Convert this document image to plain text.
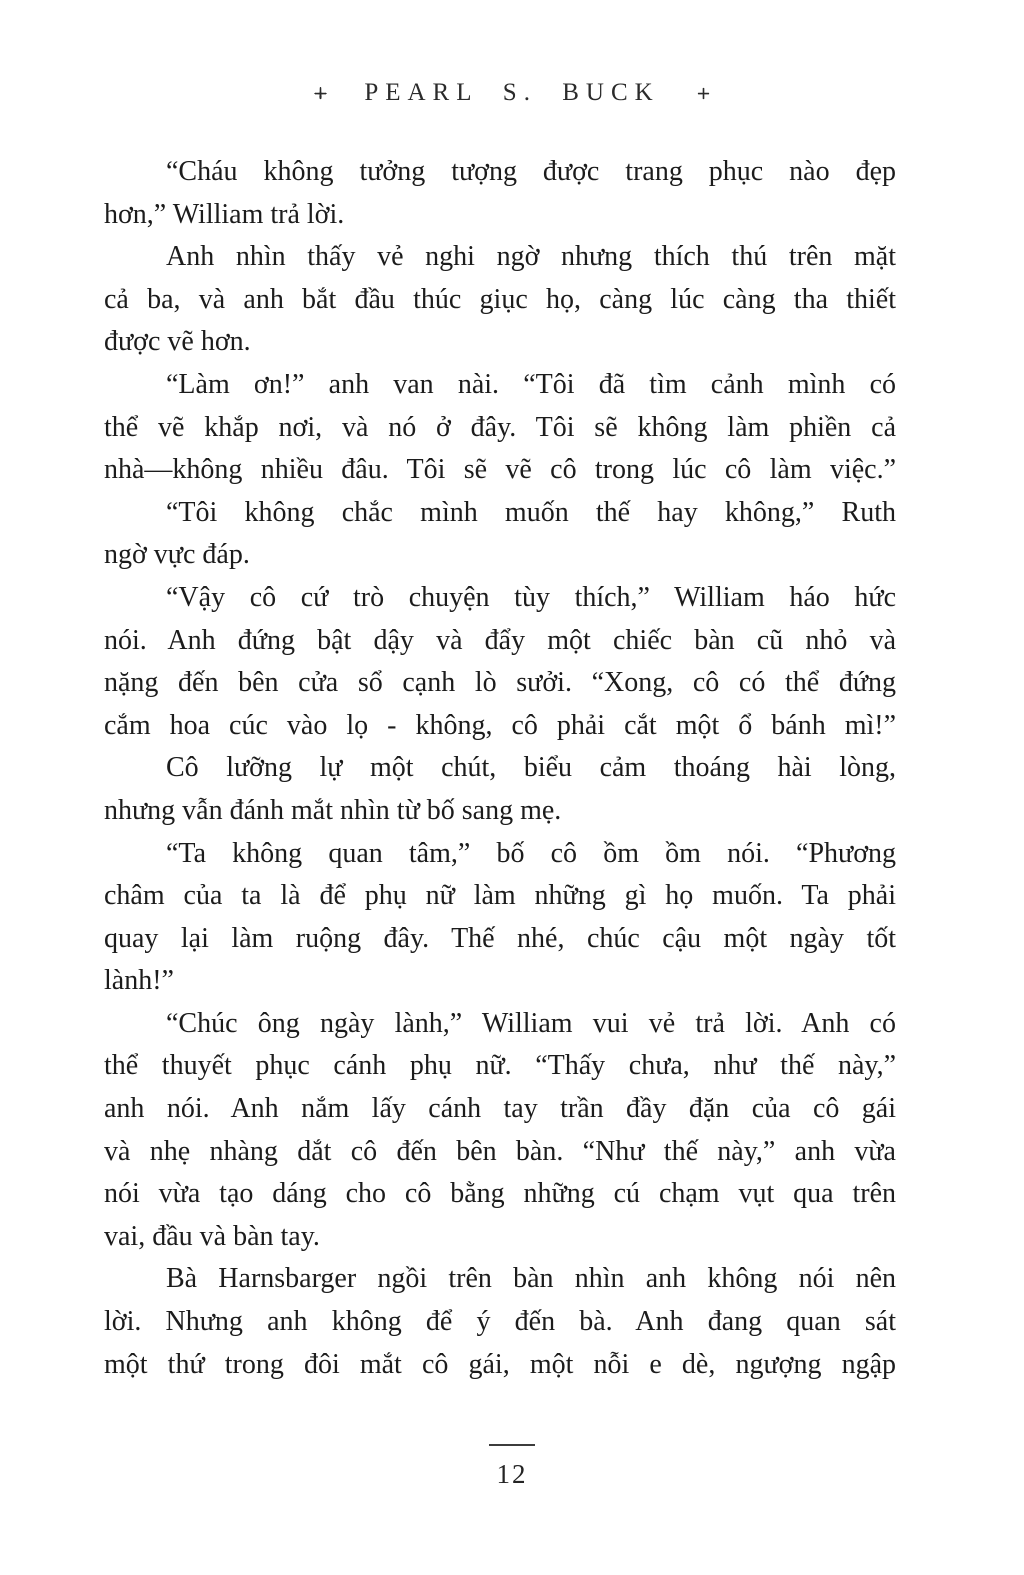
PEARL S. BUCK

“Cháu không tưởng tượng được trang phục nào đẹp
hơn,” William trả lời.

Anh nhìn thấy vẻ nghi ngờ nhưng thích thú trên mặt
cả ba, và anh bắt đầu thúc giục họ, càng lúc càng tha thiết
được vẽ hơn.

“Làm ơn!” anh van nài. “Tôi đã tìm cảnh mình có
thể vẽ khắp nơi, và nó ở đây. Tôi sẽ không làm phiền cả
nhà—không nhiều đâu. Tôi sẽ vẽ cô trong lúc cô làm việc.”

“Tôi không chắc mình muốn thế hay không,” Ruth
ngờ vực đáp.

“Vậy cô cứ trò chuyện tùy thích,” William háo hức
nói. Anh đứng bật dậy và đẩy một chiếc bàn cũ nhỏ và
nặng đến bên cửa sổ cạnh lò sưởi. “Xong, cô có thể đứng
cắm hoa cúc vào lọ - không, cô phải cắt một ổ bánh mì!”

Cô lưỡng lự một chút, biểu cảm thoáng hài lòng,
nhưng vẫn đánh mắt nhìn từ bố sang mẹ.

“Ta không quan tâm,” bố cô ồm ồm nói. “Phương
châm của ta là để phụ nữ làm những gì họ muốn. Ta phải
quay lại làm ruộng đây. Thế nhé, chúc cậu một ngày tốt
lành!”

“Chúc ông ngày lành,” William vui vẻ trả lời. Anh có
thể thuyết phục cánh phụ nữ. “Thấy chưa, như thế này,”
anh nói. Anh nắm lấy cánh tay trần đầy đặn của cô gái
và nhẹ nhàng dắt cô đến bên bàn. “Như thế này,” anh vừa
nói vừa tạo dáng cho cô bằng những cú chạm vụt qua trên
vai, đầu và bàn tay.

Bà Harnsbarger ngồi trên bàn nhìn anh không nói nên
lời. Nhưng anh không để ý đến bà. Anh đang quan sát
một thứ trong đôi mắt cô gái, một nỗi e dè, ngượng ngập

12
